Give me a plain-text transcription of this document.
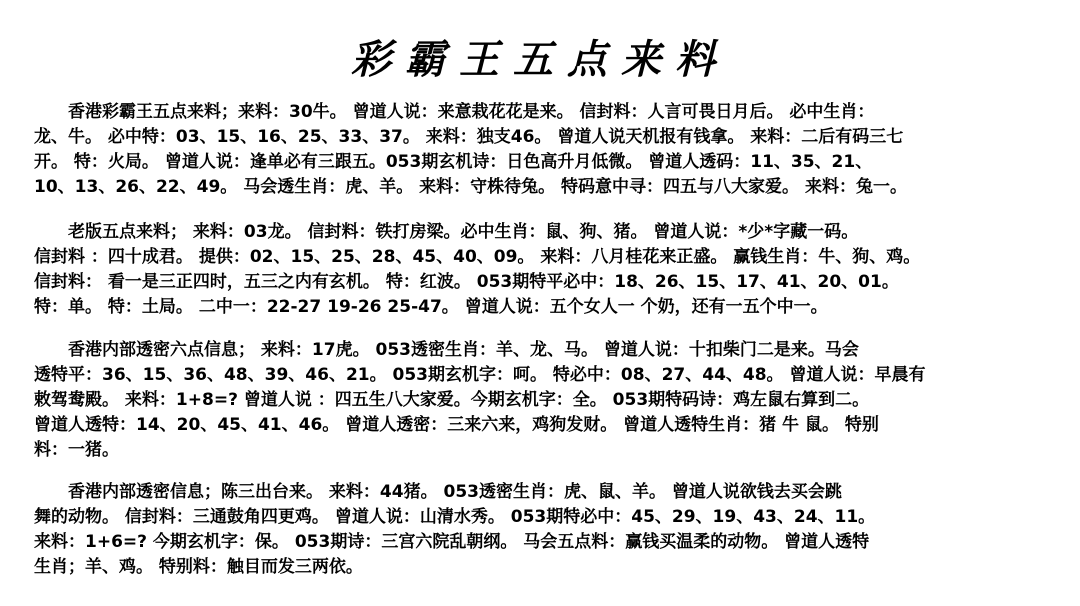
彩霸王五点来料
　　香港彩霸王五点来料；来料：30牛。 曾道人说：来意栽花花是来。 信封料：人言可畏日月后。 必中生肖：
龙、牛。 必中特：03、15、16、25、33、37。 来料：独支46。 曾道人说天机报有钱拿。 来料：二后有码三七
开。 特：火局。 曾道人说：逢单必有三跟五。053期玄机诗：日色高升月低微。 曾道人透码：11、35、21、
10、13、26、22、49。 马会透生肖：虎、羊。 来料：守株待兔。 特码意中寻：四五与八大家爱。 来料：兔一。
　　老版五点来料； 来料：03龙。 信封料：铁打房梁。必中生肖：鼠、狗、猪。 曾道人说：*少*字藏一码。
信封料 ：四十成君。 提供：02、15、25、28、45、40、09。 来料：八月桂花来正盛。 赢钱生肖：牛、狗、鸡。
信封料： 看一是三正四时，五三之内有玄机。 特：红波。 053期特平必中：18、26、15、17、41、20、01。
特：单。 特：土局。 二中一：22-27 19-26 25-47。 曾道人说：五个女人一 个奶，还有一五个中一。
　　香港内部透密六点信息； 来料：17虎。 053透密生肖：羊、龙、马。 曾道人说：十扣柴门二是来。马会
透特平：36、15、36、48、39、46、21。 053期玄机字：呵。 特必中：08、27、44、48。 曾道人说：早晨有
敕驾鸯殿。 来料：1+8=? 曾道人说 ：四五生八大家爱。今期玄机字：全。 053期特码诗：鸡左鼠右算到二。
曾道人透特：14、20、45、41、46。 曾道人透密：三来六来，鸡狗发财。 曾道人透特生肖：猪 牛 鼠。 特别
料：一猪。
　　香港内部透密信息；陈三出台来。 来料：44猪。 053透密生肖：虎、鼠、羊。 曾道人说欲钱去买会跳
舞的动物。 信封料：三通鼓角四更鸡。 曾道人说：山清水秀。 053期特必中：45、29、19、43、24、11。
来料：1+6=? 今期玄机字：保。 053期诗：三宫六院乱朝纲。 马会五点料：赢钱买温柔的动物。 曾道人透特
生肖；羊、鸡。 特别料：触目而发三两依。
